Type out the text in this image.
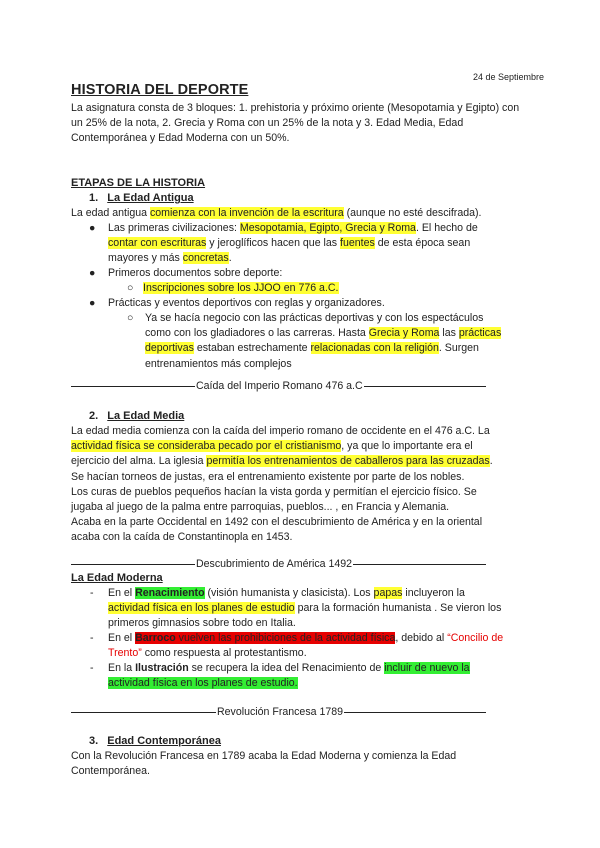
24 de Septiembre
HISTORIA DEL DEPORTE
La asignatura consta de 3 bloques: 1. prehistoria y próximo oriente (Mesopotamia y Egipto) con un 25% de la nota, 2. Grecia y Roma con un 25% de la nota y 3. Edad Media, Edad Contemporánea y Edad Moderna con un 50%.
ETAPAS DE LA HISTORIA
1. La Edad Antigua
La edad antigua comienza con la invención de la escritura (aunque no esté descifrada).
● Las primeras civilizaciones: Mesopotamia, Egipto, Grecia y Roma. El hecho de
contar con escrituras y jeroglíficos hacen que las fuentes de esta época sean
mayores y más concretas.
● Primeros documentos sobre deporte:
○ Inscripciones sobre los JJOO en 776 a.C.
● Prácticas y eventos deportivos con reglas y organizadores.
○ Ya se hacía negocio con las prácticas deportivas y con los espectáculos
como con los gladiadores o las carreras. Hasta Grecia y Roma las prácticas
deportivas estaban estrechamente relacionadas con la religión. Surgen
entrenamientos más complejos
Caída del Imperio Romano 476 a.C
2. La Edad Media
La edad media comienza con la caída del imperio romano de occidente en el 476 a.C. La
actividad física se consideraba pecado por el cristianismo, ya que lo importante era el
ejercicio del alma. La iglesia permitía los entrenamientos de caballeros para las cruzadas.
Se hacían torneos de justas, era el entrenamiento existente por parte de los nobles.
Los curas de pueblos pequeños hacían la vista gorda y permitían el ejercicio físico. Se
jugaba al juego de la palma entre parroquias, pueblos... , en Francia y Alemania.
Acaba en la parte Occidental en 1492 con el descubrimiento de América y en la oriental
acaba con la caída de Constantinopla en 1453.
Descubrimiento de América 1492
La Edad Moderna
- En el Renacimiento (visión humanista y clasicista). Los papas incluyeron la
actividad física en los planes de estudio para la formación humanista . Se vieron los
primeros gimnasios sobre todo en Italia.
- En el Barroco vuelven las prohibiciones de la actividad física, debido al “Concilio de
Trento” como respuesta al protestantismo.
- En la Ilustración se recupera la idea del Renacimiento de incluir de nuevo la
actividad física en los planes de estudio.
Revolución Francesa 1789
3. Edad Contemporánea
Con la Revolución Francesa en 1789 acaba la Edad Moderna y comienza la Edad
Contemporánea.
